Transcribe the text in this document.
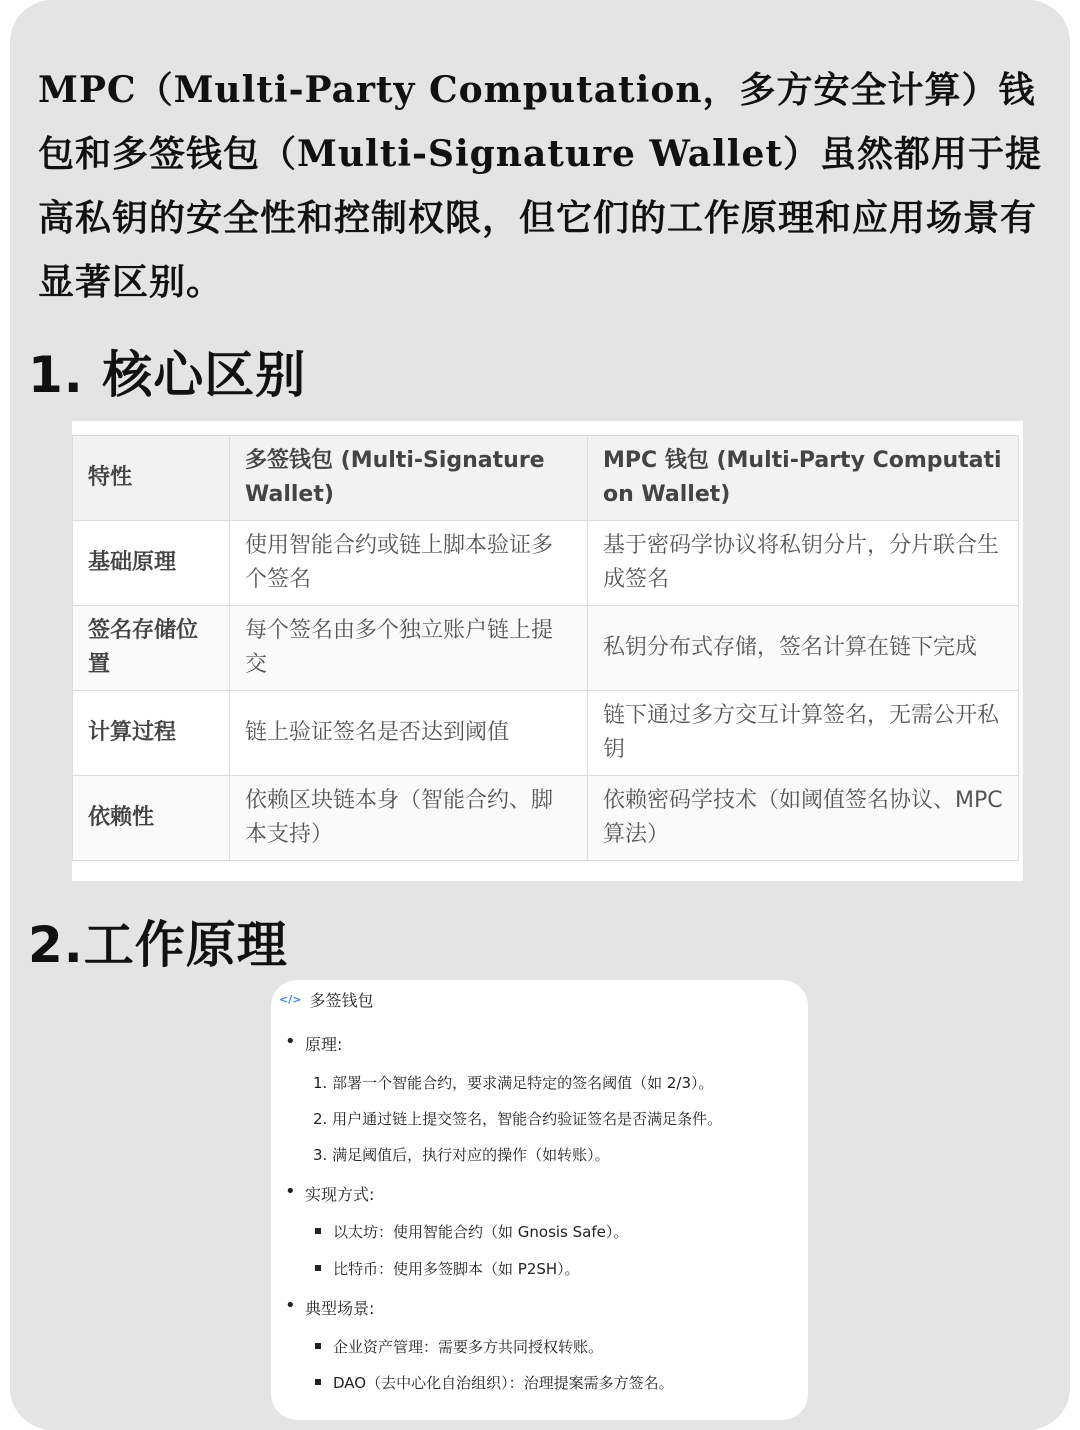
MPC（Multi-Party Computation，多方安全计算）钱包和多签钱包（Multi-Signature Wallet）虽然都用于提高私钥的安全性和控制权限，但它们的工作原理和应用场景有显著区别。
1. 核心区别
特性	多签钱包 (Multi-Signature Wallet)	MPC 钱包 (Multi-Party Computation Wallet)
基础原理	使用智能合约或链上脚本验证多个签名	基于密码学协议将私钥分片，分片联合生成签名
签名存储位置	每个签名由多个独立账户链上提交	私钥分布式存储，签名计算在链下完成
计算过程	链上验证签名是否达到阈值	链下通过多方交互计算签名，无需公开私钥
依赖性	依赖区块链本身（智能合约、脚本支持）	依赖密码学技术（如阈值签名协议、MPC 算法）
2.工作原理
</> 多签钱包
• 原理:
1. 部署一个智能合约，要求满足特定的签名阈值（如 2/3）。
2. 用户通过链上提交签名，智能合约验证签名是否满足条件。
3. 满足阈值后，执行对应的操作（如转账）。
• 实现方式:
以太坊：使用智能合约（如 Gnosis Safe）。
比特币：使用多签脚本（如 P2SH）。
• 典型场景:
企业资产管理：需要多方共同授权转账。
DAO（去中心化自治组织）：治理提案需多方签名。
